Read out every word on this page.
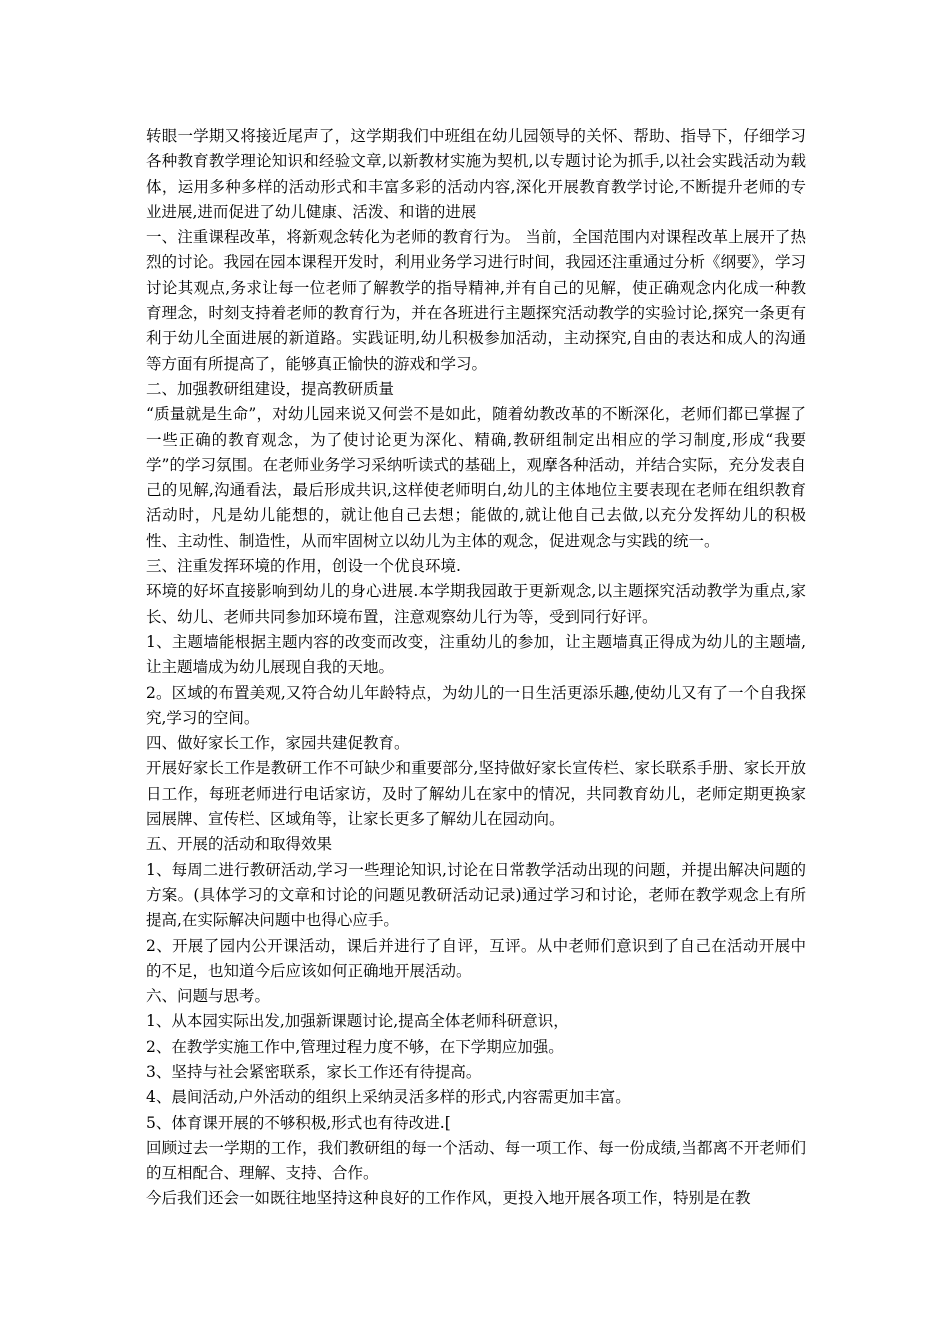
转眼一学期又将接近尾声了，这学期我们中班组在幼儿园领导的关怀、帮助、指导下，仔细学习各种教育教学理论知识和经验文章,以新教材实施为契机,以专题讨论为抓手,以社会实践活动为载体，运用多种多样的活动形式和丰富多彩的活动内容,深化开展教育教学讨论,不断提升老师的专业进展,进而促进了幼儿健康、活泼、和谐的进展

一、注重课程改革，将新观念转化为老师的教育行为。 当前，全国范围内对课程改革上展开了热烈的讨论。我园在园本课程开发时，利用业务学习进行时间，我园还注重通过分析《纲要》，学习讨论其观点,务求让每一位老师了解教学的指导精神,并有自己的见解，使正确观念内化成一种教育理念，时刻支持着老师的教育行为，并在各班进行主题探究活动教学的实验讨论,探究一条更有利于幼儿全面进展的新道路。实践证明,幼儿积极参加活动，主动探究,自由的表达和成人的沟通等方面有所提高了，能够真正愉快的游戏和学习。

二、加强教研组建设，提高教研质量

“质量就是生命”，对幼儿园来说又何尝不是如此，随着幼教改革的不断深化，老师们都已掌握了一些正确的教育观念，为了使讨论更为深化、精确,教研组制定出相应的学习制度,形成“我要学”的学习氛围。在老师业务学习采纳听读式的基础上，观摩各种活动，并结合实际，充分发表自己的见解,沟通看法，最后形成共识,这样使老师明白,幼儿的主体地位主要表现在老师在组织教育活动时，凡是幼儿能想的，就让他自己去想；能做的,就让他自己去做,以充分发挥幼儿的积极性、主动性、制造性，从而牢固树立以幼儿为主体的观念，促进观念与实践的统一。

三、注重发挥环境的作用，创设一个优良环境.

环境的好坏直接影响到幼儿的身心进展.本学期我园敢于更新观念,以主题探究活动教学为重点,家长、幼儿、老师共同参加环境布置，注意观察幼儿行为等，受到同行好评。

1、主题墙能根据主题内容的改变而改变，注重幼儿的参加，让主题墙真正得成为幼儿的主题墙,让主题墙成为幼儿展现自我的天地。

2。区域的布置美观,又符合幼儿年龄特点，为幼儿的一日生活更添乐趣,使幼儿又有了一个自我探究,学习的空间。

四、做好家长工作，家园共建促教育。

开展好家长工作是教研工作不可缺少和重要部分,坚持做好家长宣传栏、家长联系手册、家长开放日工作，每班老师进行电话家访，及时了解幼儿在家中的情况，共同教育幼儿，老师定期更换家园展牌、宣传栏、区域角等，让家长更多了解幼儿在园动向。

五、开展的活动和取得效果

1、每周二进行教研活动,学习一些理论知识,讨论在日常教学活动出现的问题，并提出解决问题的方案。(具体学习的文章和讨论的问题见教研活动记录)通过学习和讨论，老师在教学观念上有所提高,在实际解决问题中也得心应手。

2、开展了园内公开课活动，课后并进行了自评，互评。从中老师们意识到了自己在活动开展中的不足，也知道今后应该如何正确地开展活动。

六、问题与思考。

1、从本园实际出发,加强新课题讨论,提高全体老师科研意识，

2、在教学实施工作中,管理过程力度不够，在下学期应加强。

3、坚持与社会紧密联系，家长工作还有待提高。

4、晨间活动,户外活动的组织上采纳灵活多样的形式,内容需更加丰富。

5、体育课开展的不够积极,形式也有待改进.[

回顾过去一学期的工作，我们教研组的每一个活动、每一项工作、每一份成绩,当都离不开老师们的互相配合、理解、支持、合作。

今后我们还会一如既往地坚持这种良好的工作作风，更投入地开展各项工作，特别是在教
